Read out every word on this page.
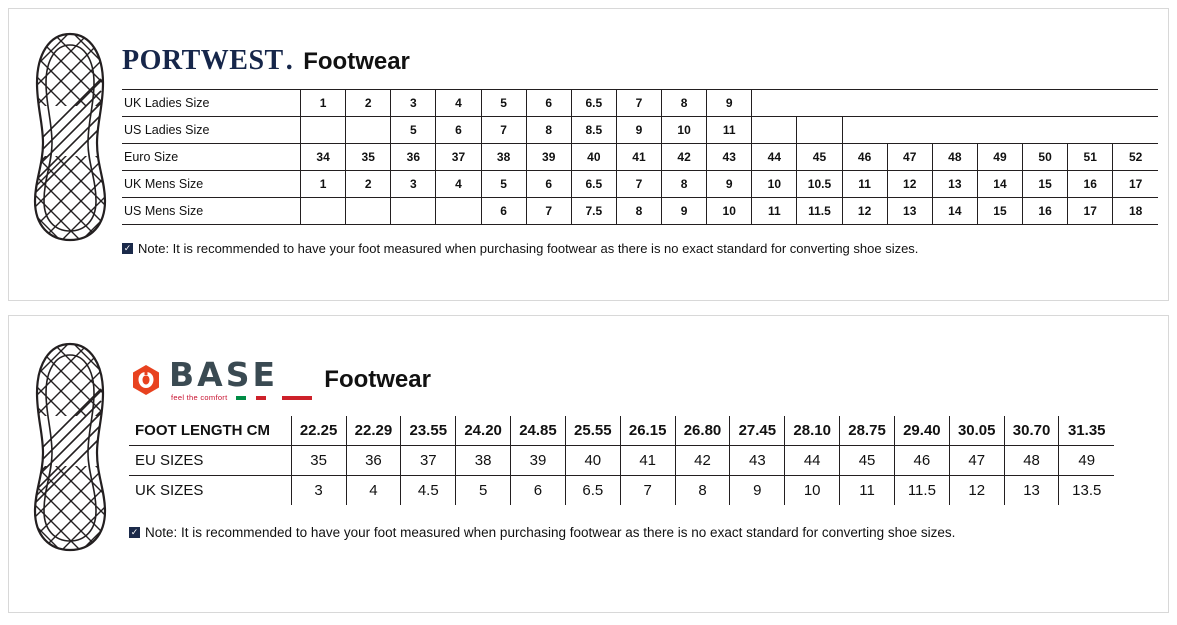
PORTWEST . Footwear
UK Ladies Size	1	2	3	4	5	6	6.5	7	8	9									
US Ladies Size			5	6	7	8	8.5	9	10	11									
Euro Size	34	35	36	37	38	39	40	41	42	43	44	45	46	47	48	49	50	51	52
UK Mens Size	1	2	3	4	5	6	6.5	7	8	9	10	10.5	11	12	13	14	15	16	17
US Mens Size					6	7	7.5	8	9	10	11	11.5	12	13	14	15	16	17	18
✓ Note: It is recommended to have your foot measured when purchasing footwear as there is no exact standard for converting shoe sizes.
BASE
feel the comfort

Footwear
FOOT LENGTH CM	22.25	22.29	23.55	24.20	24.85	25.55	26.15	26.80	27.45	28.10	28.75	29.40	30.05	30.70	31.35
EU SIZES	35	36	37	38	39	40	41	42	43	44	45	46	47	48	49
UK SIZES	3	4	4.5	5	6	6.5	7	8	9	10	11	11.5	12	13	13.5
✓ Note: It is recommended to have your foot measured when purchasing footwear as there is no exact standard for converting shoe sizes.
